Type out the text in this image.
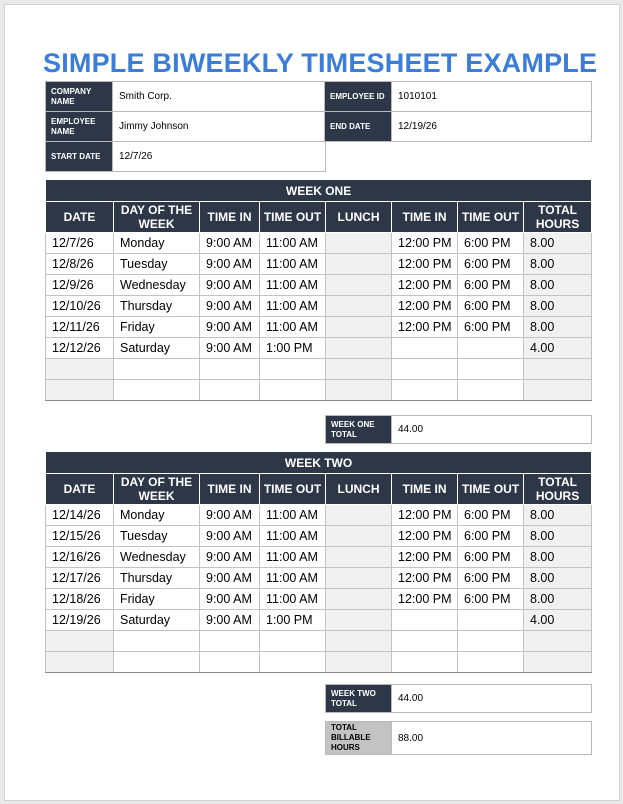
SIMPLE BIWEEKLY TIMESHEET EXAMPLE
COMPANY NAME	Smith Corp.	EMPLOYEE ID	1010101
EMPLOYEE NAME	Jimmy Johnson	END DATE	12/19/26
START DATE	12/7/26
WEEK ONE							
DATE	DAY OF THE WEEK	TIME IN	TIME OUT	LUNCH	TIME IN	TIME OUT	TOTAL HOURS
12/7/26	Monday	9:00 AM	11:00 AM		12:00 PM	6:00 PM	8.00
12/8/26	Tuesday	9:00 AM	11:00 AM		12:00 PM	6:00 PM	8.00
12/9/26	Wednesday	9:00 AM	11:00 AM		12:00 PM	6:00 PM	8.00
12/10/26	Thursday	9:00 AM	11:00 AM		12:00 PM	6:00 PM	8.00
12/11/26	Friday	9:00 AM	11:00 AM		12:00 PM	6:00 PM	8.00
12/12/26	Saturday	9:00 AM	1:00 PM				4.00

WEEK ONE TOTAL	44.00
WEEK TWO							
DATE	DAY OF THE WEEK	TIME IN	TIME OUT	LUNCH	TIME IN	TIME OUT	TOTAL HOURS
12/14/26	Monday	9:00 AM	11:00 AM		12:00 PM	6:00 PM	8.00
12/15/26	Tuesday	9:00 AM	11:00 AM		12:00 PM	6:00 PM	8.00
12/16/26	Wednesday	9:00 AM	11:00 AM		12:00 PM	6:00 PM	8.00
12/17/26	Thursday	9:00 AM	11:00 AM		12:00 PM	6:00 PM	8.00
12/18/26	Friday	9:00 AM	11:00 AM		12:00 PM	6:00 PM	8.00
12/19/26	Saturday	9:00 AM	1:00 PM				4.00

WEEK TWO TOTAL	44.00
TOTAL BILLABLE HOURS	88.00
